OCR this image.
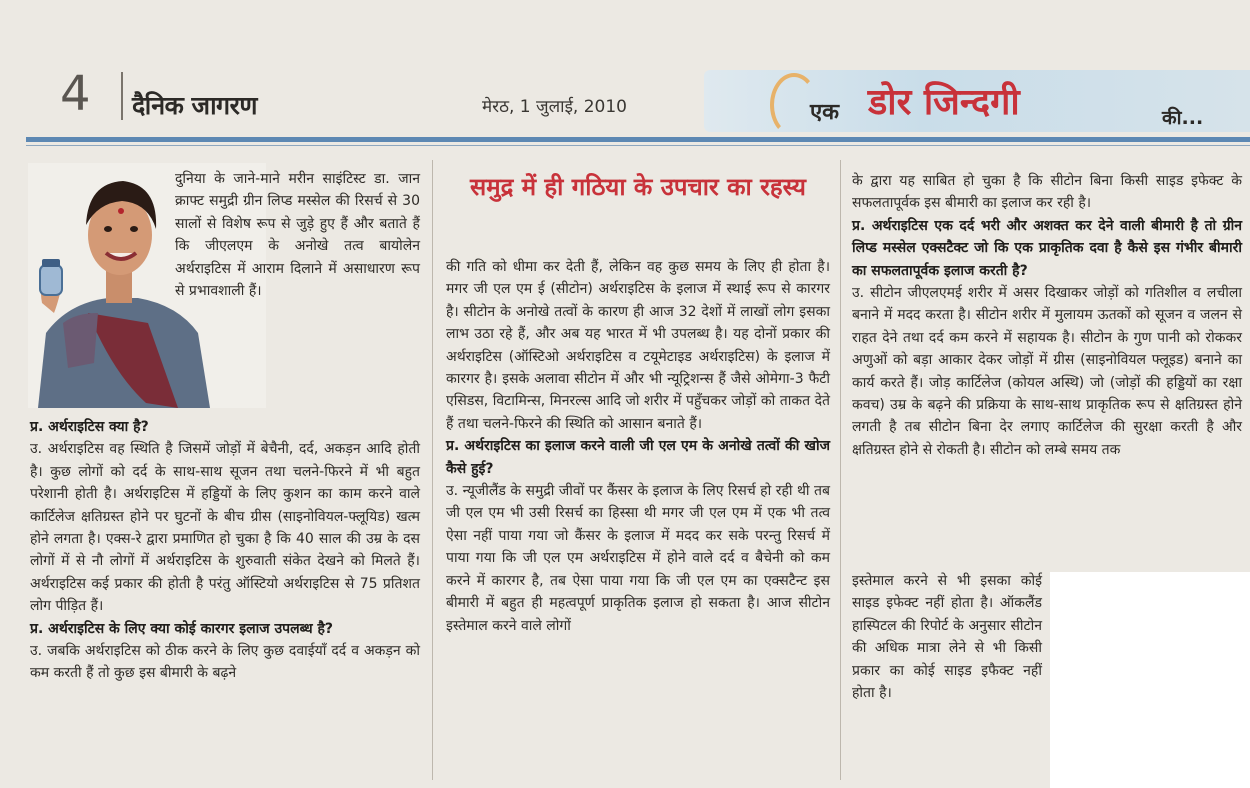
4 दैनिक जागरण	मेरठ, 1 जुलाई, 2010	एक डोर जिन्दगी	की...
दुनिया के जाने-माने मरीन साइंटिस्ट डा. जान क्राफ्ट समुद्री ग्रीन लिप्ड मस्सेल की रिसर्च से 30 सालों से विशेष रूप से जुड़े हुए हैं और बताते हैं कि जीएलएम के अनोखे तत्व बायोलेन अर्थराइटिस में आराम दिलाने में असाधारण रूप से प्रभावशाली हैं।
समुद्र में ही गठिया के उपचार का रहस्य

प्र. अर्थराइटिस क्या है?

उ. अर्थराइटिस वह स्थिति है जिसमें जोड़ों में बेचैनी, दर्द, अकड़न आदि होती है। कुछ लोगों को दर्द के साथ-साथ सूजन तथा चलने-फिरने में भी बहुत परेशानी होती है। अर्थराइटिस में हड्डियों के लिए कुशन का काम करने वाले कार्टिलेज क्षतिग्रस्त होने पर घुटनों के बीच ग्रीस (साइनोवियल-फ्लूयिड) खत्म होने लगता है। एक्स-रे द्वारा प्रमाणित हो चुका है कि 40 साल की उम्र के दस लोगों में से नौ लोगों में अर्थराइटिस के शुरुवाती संकेत देखने को मिलते हैं। अर्थराइटिस कई प्रकार की होती है परंतु ऑस्टियो अर्थराइटिस से 75 प्रतिशत लोग पीड़ित हैं।

प्र. अर्थराइटिस के लिए क्या कोई कारगर इलाज उपलब्ध है?

उ. जबकि अर्थराइटिस को ठीक करने के लिए कुछ दवाईयाँ दर्द व अकड़न को कम करती हैं तो कुछ इस बीमारी के बढ़ने

की गति को धीमा कर देती हैं, लेकिन वह कुछ समय के लिए ही होता है। मगर जी एल एम ई (सीटोन) अर्थराइटिस के इलाज में स्थाई रूप से कारगर है। सीटोन के अनोखे तत्वों के कारण ही आज 32 देशों में लाखों लोग इसका लाभ उठा रहे हैं, और अब यह भारत में भी उपलब्ध है। यह दोनों प्रकार की अर्थराइटिस (ऑस्टिओ अर्थराइटिस व टयूमेटाइड अर्थराइटिस) के इलाज में कारगर है। इसके अलावा सीटोन में और भी न्यूट्रिशन्स हैं जैसे ओमेगा-3 फैटी एसिडस, विटामिन्स, मिनरल्स आदि जो शरीर में पहुँचकर जोड़ों को ताकत देते हैं तथा चलने-फिरने की स्थिति को आसान बनाते हैं।

प्र. अर्थराइटिस का इलाज करने वाली जी एल एम के अनोखे तत्वों की खोज कैसे हुई?

उ. न्यूजीलैंड के समुद्री जीवों पर कैंसर के इलाज के लिए रिसर्च हो रही थी तब जी एल एम भी उसी रिसर्च का हिस्सा थी मगर जी एल एम में एक भी तत्व ऐसा नहीं पाया गया जो कैंसर के इलाज में मदद कर सके परन्तु रिसर्च में पाया गया कि जी एल एम अर्थराइटिस में होने वाले दर्द व बैचेनी को कम करने में कारगर है, तब ऐसा पाया गया कि जी एल एम का एक्सटैन्ट इस बीमारी में बहुत ही महत्वपूर्ण प्राकृतिक इलाज हो सकता है। आज सीटोन इस्तेमाल करने वाले लोगों

के द्वारा यह साबित हो चुका है कि सीटोन बिना किसी साइड इफेक्ट के सफलतापूर्वक इस बीमारी का इलाज कर रही है।

प्र. अर्थराइटिस एक दर्द भरी और अशक्त कर देने वाली बीमारी है तो ग्रीन लिप्ड मस्सेल एक्सटैक्ट जो कि एक प्राकृतिक दवा है कैसे इस गंभीर बीमारी का सफलतापूर्वक इलाज करती है?

उ. सीटोन जीएलएमई शरीर में असर दिखाकर जोड़ों को गतिशील व लचीला बनाने में मदद करता है। सीटोन शरीर में मुलायम ऊतकों को सूजन व जलन से राहत देने तथा दर्द कम करने में सहायक है। सीटोन के गुण पानी को रोककर अणुओं को बड़ा आकार देकर जोड़ों में ग्रीस (साइनोवियल फ्लूइड) बनाने का कार्य करते हैं। जोड़ कार्टिलेज (कोयल अस्थि) जो (जोड़ों की हड्डियों का रक्षा कवच) उम्र के बढ़ने की प्रक्रिया के साथ-साथ प्राकृतिक रूप से क्षतिग्रस्त होने लगती है तब सीटोन बिना देर लगाए कार्टिलेज की सुरक्षा करती है और क्षतिग्रस्त होने से रोकती है। सीटोन को लम्बे समय तक

इस्तेमाल करने से भी इसका कोई साइड इफेक्ट नहीं होता है। ऑकलैंड हास्पिटल की रिपोर्ट के अनुसार सीटोन की अधिक मात्रा लेने से भी किसी प्रकार का कोई साइड इफैक्ट नहीं होता है।
